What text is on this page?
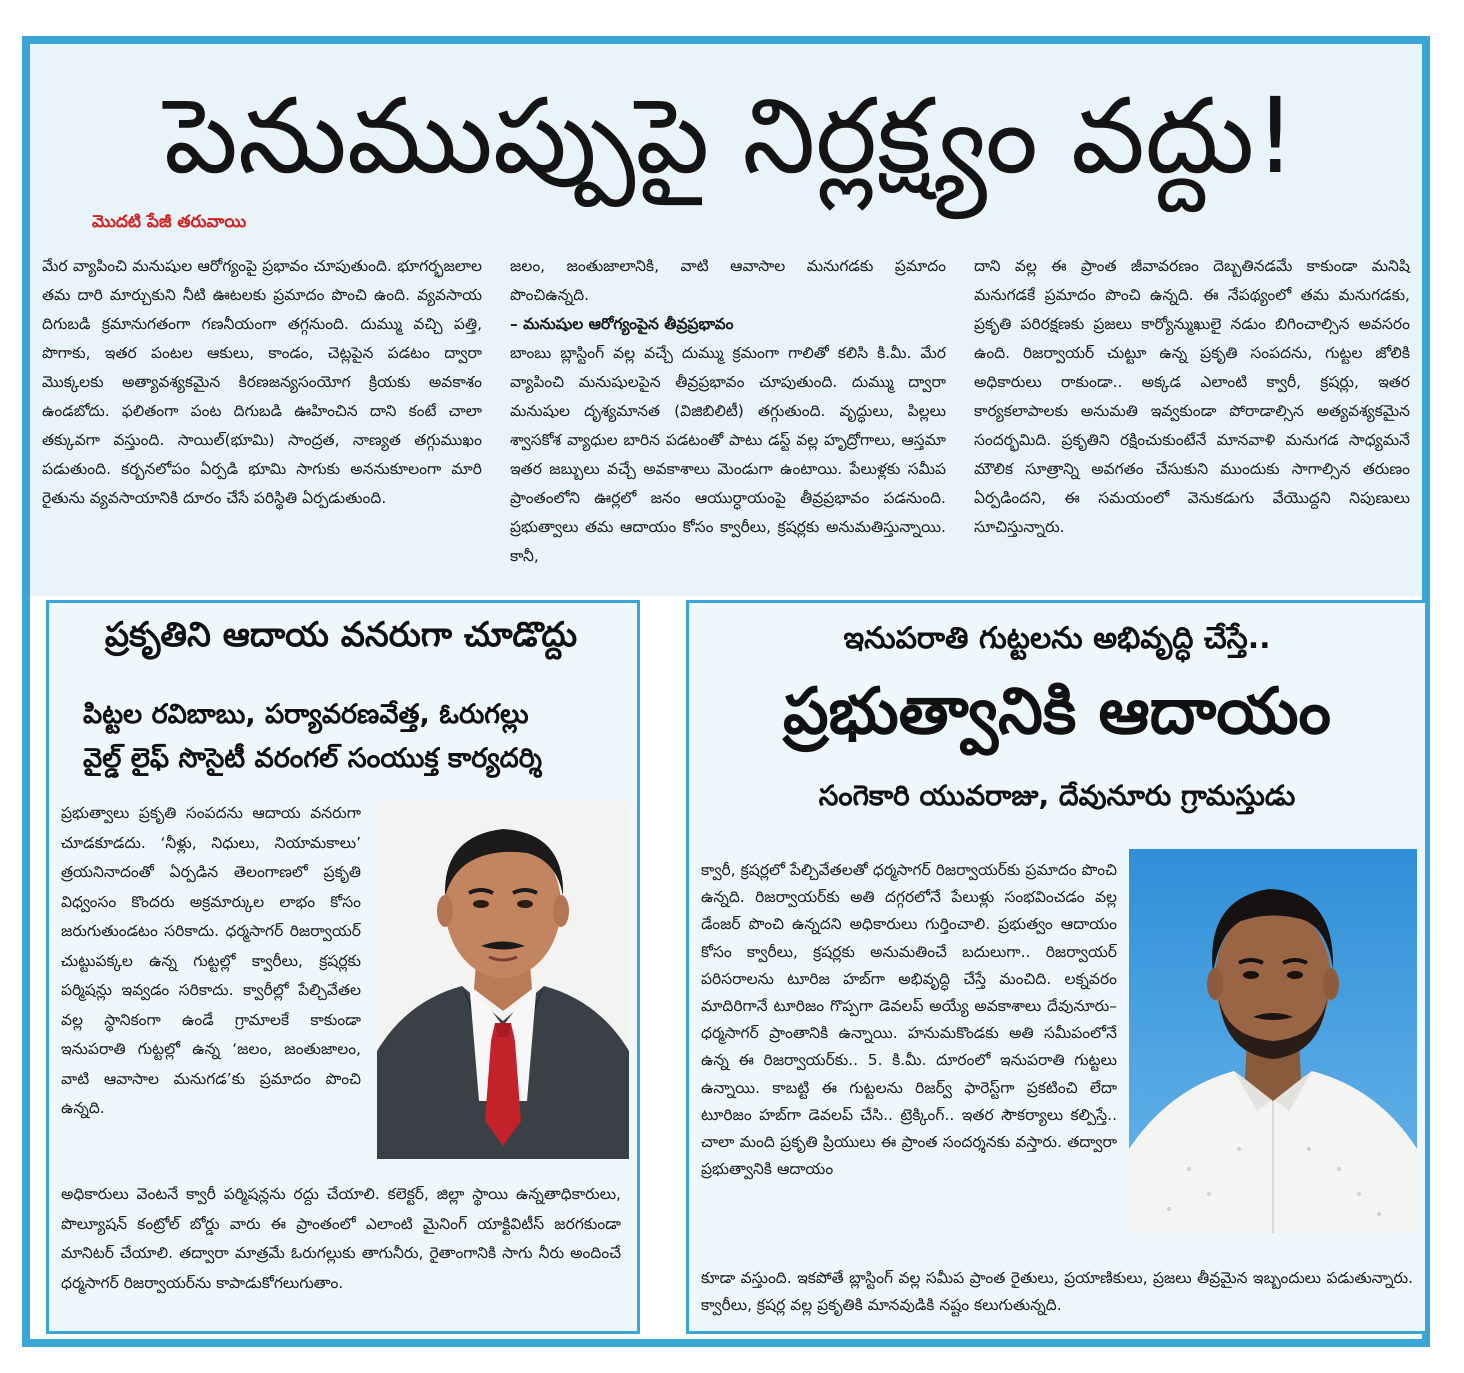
పెనుముప్పుపై నిర్లక్ష్యం వద్దు!
మొదటి పేజీ తరువాయి

మేర వ్యాపించి మనుషుల ఆరోగ్యంపై ప్రభావం చూపుతుంది. భూగర్భజలాల తమ దారి మార్చుకుని నీటి ఊటలకు ప్రమాదం పొంచి ఉంది. వ్యవసాయ దిగుబడి క్రమానుగతంగా గణనీయంగా తగ్గనుంది. దుమ్ము వచ్చి పత్తి, పొగాకు, ఇతర పంటల ఆకులు, కాండం, చెట్లపైన పడటం ద్వారా మొక్కలకు అత్యావశ్యకమైన కిరణజన్యసంయోగ క్రియకు అవకాశం ఉండబోదు. ఫలితంగా పంట దిగుబడి ఊహించిన దాని కంటే చాలా తక్కువగా వస్తుంది. సాయిల్(భూమి) సాంద్రత, నాణ్యత తగ్గుముఖం పడుతుంది. కర్బనలోపం ఏర్పడి భూమి సాగుకు అననుకూలంగా మారి రైతును వ్యవసాయానికి దూరం చేసే పరిస్థితి ఏర్పడుతుంది.

జలం, జంతుజాలానికి, వాటి ఆవాసాల మనుగడకు ప్రమాదం పొంచిఉన్నది.

– మనుషుల ఆరోగ్యంపైన తీవ్రప్రభావం

బాంబు బ్లాస్టింగ్ వల్ల వచ్చే దుమ్ము క్రమంగా గాలితో కలిసి కి.మీ. మేర వ్యాపించి మనుషులపైన తీవ్రప్రభావం చూపుతుంది. దుమ్ము ద్వారా మనుషుల దృశ్యమానత (విజిబిలిటీ) తగ్గుతుంది. వృద్ధులు, పిల్లలు శ్వాసకోశ వ్యాధుల బారిన పడటంతో పాటు డస్ట్ వల్ల హృద్రోగాలు, ఆస్తమా ఇతర జబ్బులు వచ్చే అవకాశాలు మెండుగా ఉంటాయి. పేలుళ్లకు సమీప ప్రాంతంలోని ఊర్లలో జనం ఆయుర్ధాయంపై తీవ్రప్రభావం పడనుంది. ప్రభుత్వాలు తమ ఆదాయం కోసం క్వారీలు, క్రషర్లకు అనుమతిస్తున్నాయి. కానీ,

దాని వల్ల ఈ ప్రాంత జీవావరణం దెబ్బతినడమే కాకుండా మనిషి మనుగడకే ప్రమాదం పొంచి ఉన్నది. ఈ నేపథ్యంలో తమ మనుగడకు, ప్రకృతి పరిరక్షణకు ప్రజలు కార్యోన్ముఖులై నడుం బిగించాల్సిన అవసరం ఉంది. రిజర్వాయర్ చుట్టూ ఉన్న ప్రకృతి సంపదను, గుట్టల జోలికి అధికారులు రాకుండా.. అక్కడ ఎలాంటి క్వారీ, క్రషర్లు, ఇతర కార్యకలాపాలకు అనుమతి ఇవ్వకుండా పోరాడాల్సిన అత్యవశ్యకమైన సందర్భమిది. ప్రకృతిని రక్షించుకుంటేనే మానవాళి మనుగడ సాధ్యమనే మౌలిక సూత్రాన్ని అవగతం చేసుకుని ముందుకు సాగాల్సిన తరుణం ఏర్పడిందని, ఈ సమయంలో వెనుకడుగు వేయొద్దని నిపుణులు సూచిస్తున్నారు.

ప్రకృతిని ఆదాయ వనరుగా చూడొద్దు
పిట్టల రవిబాబు, పర్యావరణవేత్త, ఓరుగల్లు
వైల్డ్ లైఫ్ సొసైటీ వరంగల్ సంయుక్త కార్యదర్శి
ప్రభుత్వాలు ప్రకృతి సంపదను ఆదాయ వనరుగా చూడకూడదు. ‘నీళ్లు, నిధులు, నియామకాలు’ త్రయనినాదంతో ఏర్పడిన తెలంగాణలో ప్రకృతి విధ్వంసం కొందరు అక్రమార్కుల లాభం కోసం జరుగుతుండటం సరికాదు. ధర్మసాగర్ రిజర్వాయర్ చుట్టుపక్కల ఉన్న గుట్టల్లో క్వారీలు, క్రషర్లకు పర్మిషన్లు ఇవ్వడం సరికాదు. క్వారీల్లో పేల్చివేతల వల్ల స్థానికంగా ఉండే గ్రామాలకే కాకుండా ఇనుపరాతి గుట్టల్లో ఉన్న ‘జలం, జంతుజాలం, వాటి ఆవాసాల మనుగడ’కు ప్రమాదం పొంచి ఉన్నది.
అధికారులు వెంటనే క్వారీ పర్మిషన్లను రద్దు చేయాలి. కలెక్టర్, జిల్లా స్థాయి ఉన్నతాధికారులు, పొల్యూషన్ కంట్రోల్ బోర్డు వారు ఈ ప్రాంతంలో ఎలాంటి మైనింగ్ యాక్టివిటీస్ జరగకుండా మానిటర్ చేయాలి. తద్వారా మాత్రమే ఓరుగల్లుకు తాగునీరు, రైతాంగానికి సాగు నీరు అందించే ధర్మసాగర్ రిజర్వాయర్‌ను కాపాడుకోగలుగుతాం.
ఇనుపరాతి గుట్టలను అభివృద్ధి చేస్తే..
ప్రభుత్వానికి ఆదాయం
సంగెకారి యువరాజు, దేవునూరు గ్రామస్తుడు
క్వారీ, క్రషర్లలో పేల్చివేతలతో ధర్మసాగర్ రిజర్వాయర్‌కు ప్రమాదం పొంచి ఉన్నది. రిజర్వాయర్‌కు అతి దగ్గరలోనే పేలుళ్లు సంభవించడం వల్ల డేంజర్ పొంచి ఉన్నదని అధికారులు గుర్తించాలి. ప్రభుత్వం ఆదాయం కోసం క్వారీలు, క్రషర్లకు అనుమతించే బదులుగా.. రిజర్వాయర్ పరిసరాలను టూరిజ హబ్‌గా అభివృద్ధి చేస్తే మంచిది. లక్నవరం మాదిరిగానే టూరిజం గొప్పగా డెవలప్ అయ్యే అవకాశాలు దేవునూరు–ధర్మసాగర్ ప్రాంతానికి ఉన్నాయి. హనుమకొండకు అతి సమీపంలోనే ఉన్న ఈ రిజర్వాయర్‌కు.. 5. కి.మీ. దూరంలో ఇనుపరాతి గుట్టలు ఉన్నాయి. కాబట్టి ఈ గుట్టలను రిజర్వ్ ఫారెస్ట్‌గా ప్రకటించి లేదా టూరిజం హబ్‌గా డెవలప్ చేసి.. ట్రెక్కింగ్.. ఇతర సౌకర్యాలు కల్పిస్తే.. చాలా మంది ప్రకృతి ప్రియులు ఈ ప్రాంత సందర్శనకు వస్తారు. తద్వారా ప్రభుత్వానికి ఆదాయం
కూడా వస్తుంది. ఇకపోతే బ్లాస్టింగ్ వల్ల సమీప ప్రాంత రైతులు, ప్రయాణికులు, ప్రజలు తీవ్రమైన ఇబ్బందులు పడుతున్నారు. క్వారీలు, క్రషర్ల వల్ల ప్రకృతికి మానవుడికి నష్టం కలుగుతున్నది.
